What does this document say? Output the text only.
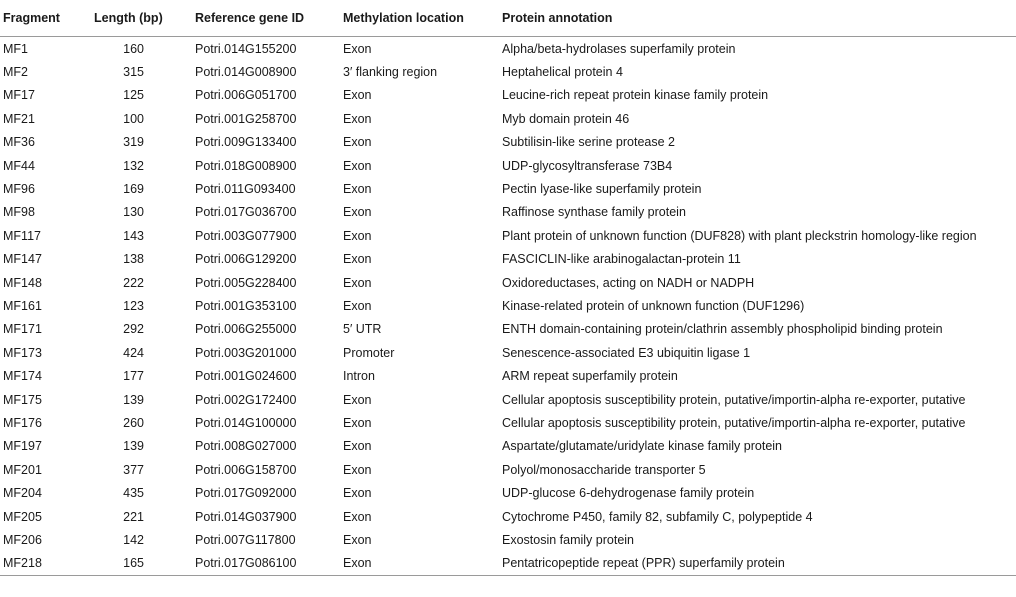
Fragment	Length (bp)	Reference gene ID	Methylation location	Protein annotation
MF1	160	Potri.014G155200	Exon	Alpha/beta-hydrolases superfamily protein
MF2	315	Potri.014G008900	3′ flanking region	Heptahelical protein 4
MF17	125	Potri.006G051700	Exon	Leucine-rich repeat protein kinase family protein
MF21	100	Potri.001G258700	Exon	Myb domain protein 46
MF36	319	Potri.009G133400	Exon	Subtilisin-like serine protease 2
MF44	132	Potri.018G008900	Exon	UDP-glycosyltransferase 73B4
MF96	169	Potri.011G093400	Exon	Pectin lyase-like superfamily protein
MF98	130	Potri.017G036700	Exon	Raffinose synthase family protein
MF117	143	Potri.003G077900	Exon	Plant protein of unknown function (DUF828) with plant pleckstrin homology-like region
MF147	138	Potri.006G129200	Exon	FASCICLIN-like arabinogalactan-protein 11
MF148	222	Potri.005G228400	Exon	Oxidoreductases, acting on NADH or NADPH
MF161	123	Potri.001G353100	Exon	Kinase-related protein of unknown function (DUF1296)
MF171	292	Potri.006G255000	5′ UTR	ENTH domain-containing protein/clathrin assembly phospholipid binding protein
MF173	424	Potri.003G201000	Promoter	Senescence-associated E3 ubiquitin ligase 1
MF174	177	Potri.001G024600	Intron	ARM repeat superfamily protein
MF175	139	Potri.002G172400	Exon	Cellular apoptosis susceptibility protein, putative/importin-alpha re-exporter, putative
MF176	260	Potri.014G100000	Exon	Cellular apoptosis susceptibility protein, putative/importin-alpha re-exporter, putative
MF197	139	Potri.008G027000	Exon	Aspartate/glutamate/uridylate kinase family protein
MF201	377	Potri.006G158700	Exon	Polyol/monosaccharide transporter 5
MF204	435	Potri.017G092000	Exon	UDP-glucose 6-dehydrogenase family protein
MF205	221	Potri.014G037900	Exon	Cytochrome P450, family 82, subfamily C, polypeptide 4
MF206	142	Potri.007G117800	Exon	Exostosin family protein
MF218	165	Potri.017G086100	Exon	Pentatricopeptide repeat (PPR) superfamily protein
